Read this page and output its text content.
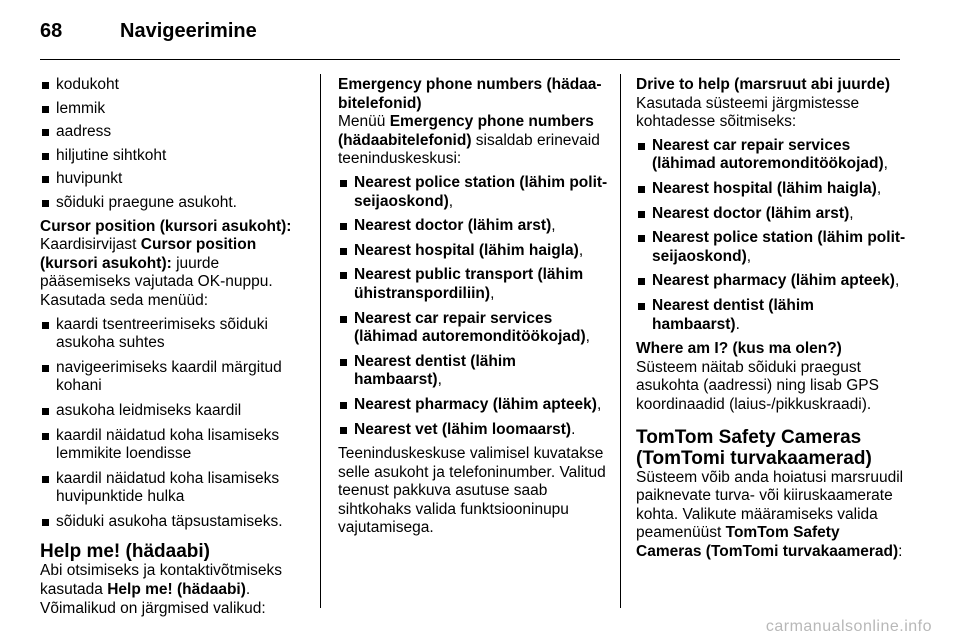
68	Navigeerimine
kodukoht
lemmik
aadress
hiljutine sihtkoht
huvipunkt
sõiduki praegune asukoht.

Cursor position (kursori asukoht):

Kaardisirvijast Cursor position (kursori asukoht): juurde pääsemiseks vajutada OK-nuppu. Kasutada seda menüüd:

kaardi tsentreerimiseks sõiduki asukoha suhtes
navigeerimiseks kaardil märgitud kohani
asukoha leidmiseks kaardil
kaardil näidatud koha lisamiseks lemmikite loendisse
kaardil näidatud koha lisamiseks huvipunktide hulka
sõiduki asukoha täpsustamiseks.

Help me! (hädaabi)

Abi otsimiseks ja kontaktivõtmiseks kasutada Help me! (hädaabi).

Võimalikud on järgmised valikud:

Emergency phone numbers (hädaabitelefonid)

Menüü Emergency phone numbers (hädaabitelefonid) sisaldab erinevaid teeninduskeskusi:

Nearest police station (lähim politseijaoskond),
Nearest doctor (lähim arst),
Nearest hospital (lähim haigla),
Nearest public transport (lähim ühistranspordiliin),
Nearest car repair services (lähimad autoremonditöökojad),
Nearest dentist (lähim hambaarst),
Nearest pharmacy (lähim apteek),
Nearest vet (lähim loomaarst).

Teeninduskeskuse valimisel kuvatakse selle asukoht ja telefoninumber. Valitud teenust pakkuva asutuse saab sihtkohaks valida funktsiooninupu vajutamisega.

Drive to help (marsruut abi juurde)

Kasutada süsteemi järgmistesse kohtadesse sõitmiseks:

Nearest car repair services (lähimad autoremonditöökojad),
Nearest hospital (lähim haigla),
Nearest doctor (lähim arst),
Nearest police station (lähim politseijaoskond),
Nearest pharmacy (lähim apteek),
Nearest dentist (lähim hambaarst).

Where am I? (kus ma olen?)

Süsteem näitab sõiduki praegust asukohta (aadressi) ning lisab GPS koordinaadid (laius-/pikkuskraadi).

TomTom Safety Cameras (TomTomi turvakaamerad)

Süsteem võib anda hoiatusi marsruudil paiknevate turva- või kiiruskaamerate kohta. Valikute määramiseks valida peamenüüst TomTom Safety Cameras (TomTomi turvakaamerad):

carmanualsonline.info
